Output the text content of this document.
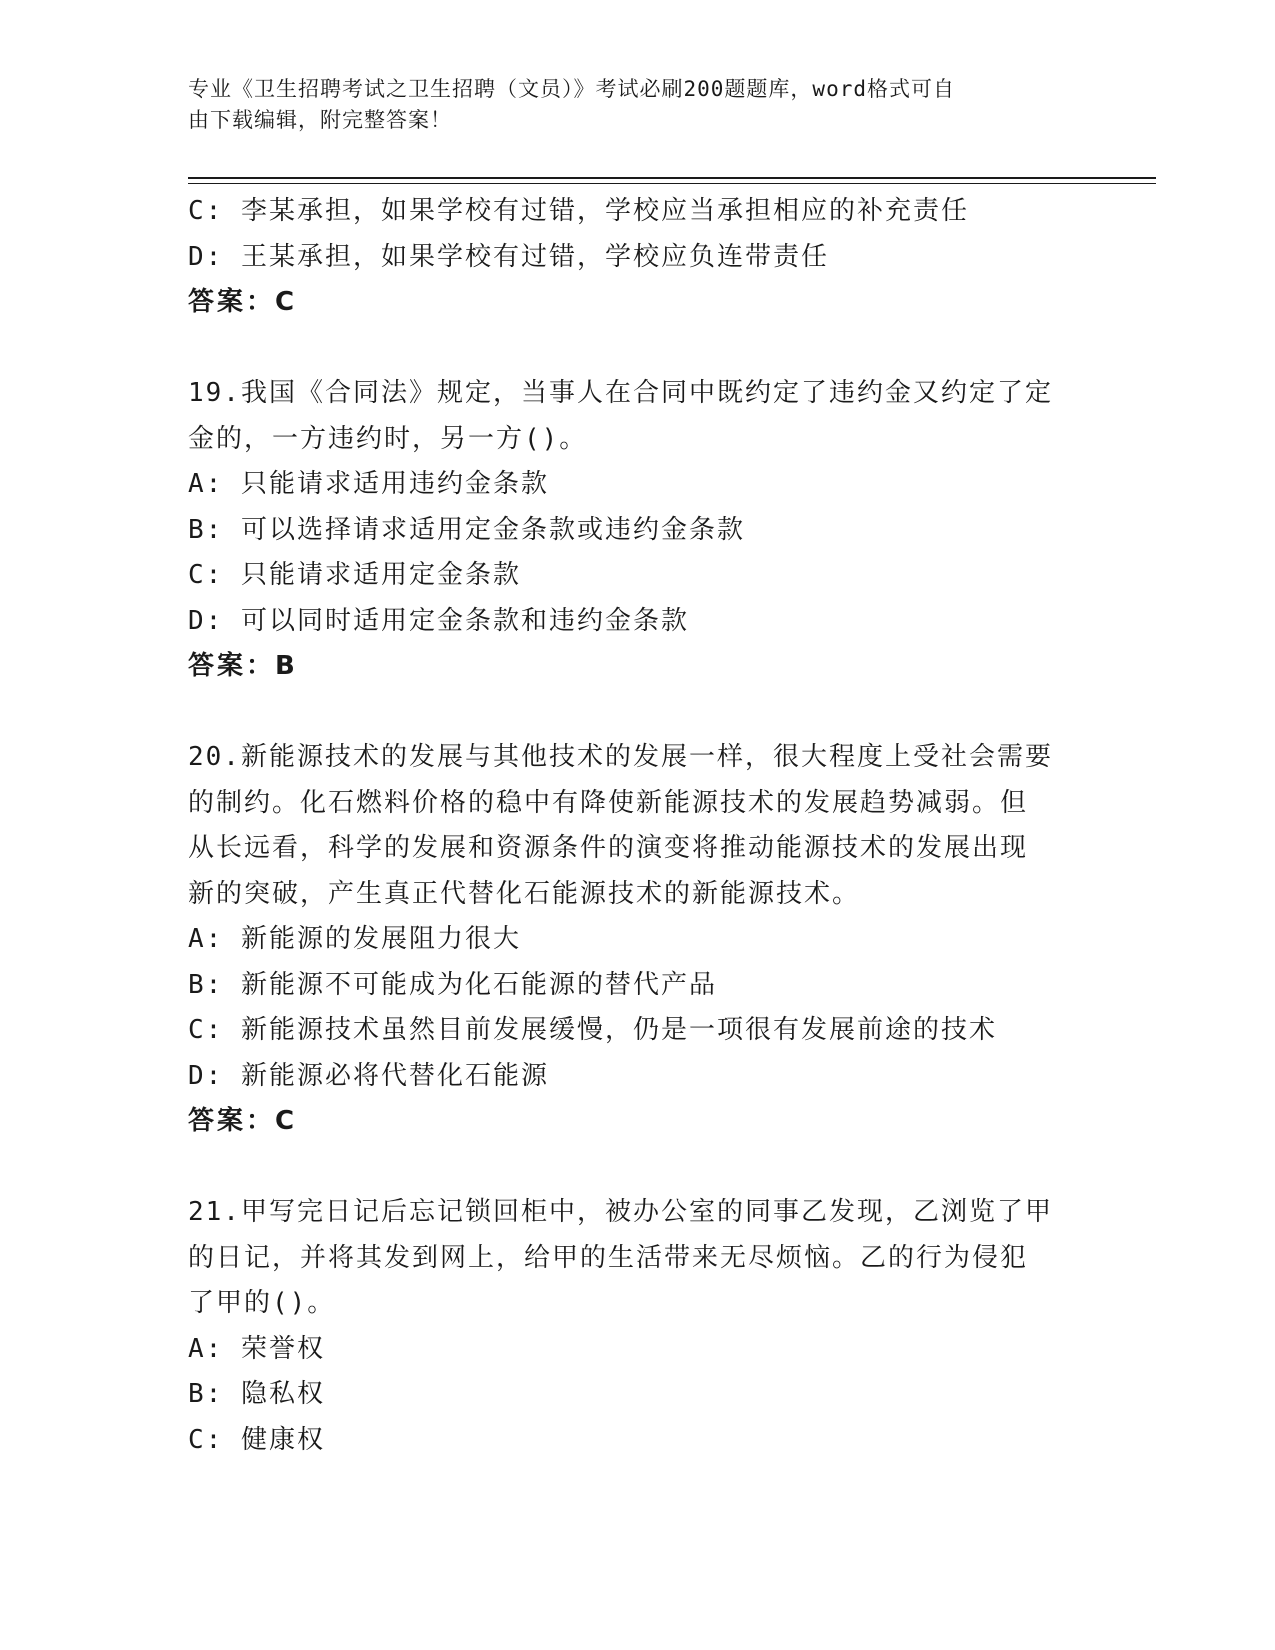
专业《卫生招聘考试之卫生招聘（文员）》考试必刷200题题库，word格式可自
由下载编辑，附完整答案！
C: 李某承担，如果学校有过错，学校应当承担相应的补充责任
D: 王某承担，如果学校有过错，学校应负连带责任
答案：C
19.我国《合同法》规定，当事人在合同中既约定了违约金又约定了定
金的，一方违约时，另一方()。
A: 只能请求适用违约金条款
B: 可以选择请求适用定金条款或违约金条款
C: 只能请求适用定金条款
D: 可以同时适用定金条款和违约金条款
答案：B
20.新能源技术的发展与其他技术的发展一样，很大程度上受社会需要
的制约。化石燃料价格的稳中有降使新能源技术的发展趋势减弱。但
从长远看，科学的发展和资源条件的演变将推动能源技术的发展出现
新的突破，产生真正代替化石能源技术的新能源技术。
A: 新能源的发展阻力很大
B: 新能源不可能成为化石能源的替代产品
C: 新能源技术虽然目前发展缓慢，仍是一项很有发展前途的技术
D: 新能源必将代替化石能源
答案：C
21.甲写完日记后忘记锁回柜中，被办公室的同事乙发现，乙浏览了甲
的日记，并将其发到网上，给甲的生活带来无尽烦恼。乙的行为侵犯
了甲的()。
A: 荣誉权
B: 隐私权
C: 健康权
